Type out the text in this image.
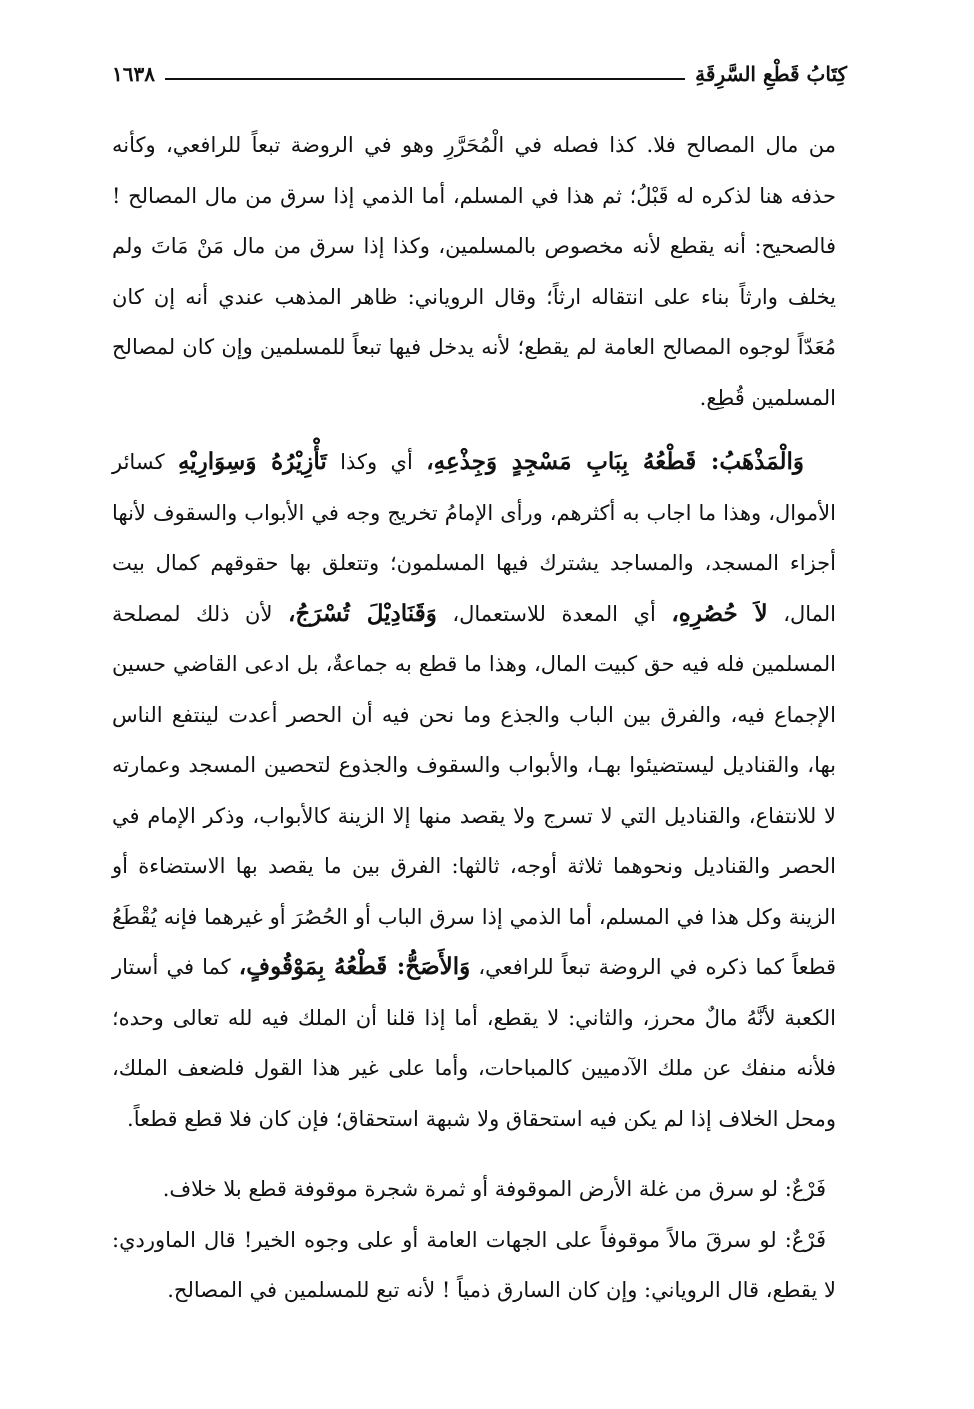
كِتَابُ قَطْعِ السَّرِقَةِ
١٦٣٨

من مال المصالح فلا. كذا فصله في الْمُحَرَّرِ وهو في الروضة تبعاً للرافعي، وكأنه حذفه هنا لذكره له قَبْلُ؛ ثم هذا في المسلم، أما الذمي إذا سرق من مال المصالح ! فالصحيح: أنه يقطع لأنه مخصوص بالمسلمين، وكذا إذا سرق من مال مَنْ مَاتَ ولم يخلف وارثاً بناء على انتقاله ارثاً؛ وقال الروياني: ظاهر المذهب عندي أنه إن كان مُعَدّاً لوجوه المصالح العامة لم يقطع؛ لأنه يدخل فيها تبعاً للمسلمين وإن كان لمصالح المسلمين قُطِع.

وَالْمَذْهَبُ: قَطْعُهُ بِبَابِ مَسْجِدٍ وَجِذْعِهِ، أي وكذا تَأْزِيْرُهُ وَسِوَارِيْهِ كسائر الأموال، وهذا ما اجاب به أكثرهم، ورأى الإمامُ تخريج وجه في الأبواب والسقوف لأنها أجزاء المسجد، والمساجد يشترك فيها المسلمون؛ وتتعلق بها حقوقهم كمال بيت المال، لاَ حُصُرِهِ، أي المعدة للاستعمال، وَقَنَادِيْلَ تُسْرَجُ، لأن ذلك لمصلحة المسلمين فله فيه حق كبيت المال، وهذا ما قطع به جماعةٌ، بل ادعى القاضي حسين الإجماع فيه، والفرق بين الباب والجذع وما نحن فيه أن الحصر أعدت لينتفع الناس بها، والقناديل ليستضيئوا بهـا، والأبواب والسقوف والجذوع لتحصين المسجد وعمارته لا للانتفاع، والقناديل التي لا تسرج ولا يقصد منها إلا الزينة كالأبواب، وذكر الإمام في الحصر والقناديل ونحوهما ثلاثة أوجه، ثالثها: الفرق بين ما يقصد بها الاستضاءة أو الزينة وكل هذا في المسلم، أما الذمي إذا سرق الباب أو الحُصُرَ أو غيرهما فإنه يُقْطَعُ قطعاً كما ذكره في الروضة تبعاً للرافعي، وَالأَصَحُّ: قَطْعُهُ بِمَوْقُوفٍ، كما في أستار الكعبة لأنَّهُ مالٌ محرز، والثاني: لا يقطع، أما إذا قلنا أن الملك فيه لله تعالى وحده؛ فلأنه منفك عن ملك الآدميين كالمباحات، وأما على غير هذا القول فلضعف الملك، ومحل الخلاف إذا لم يكن فيه استحقاق ولا شبهة استحقاق؛ فإن كان فلا قطع قطعاً.

فَرْعٌ: لو سرق من غلة الأرض الموقوفة أو ثمرة شجرة موقوفة قطع بلا خلاف.

فَرْعٌ: لو سرقَ مالاً موقوفاً على الجهات العامة أو على وجوه الخير! قال الماوردي: لا يقطع، قال الروياني: وإن كان السارق ذمياً ! لأنه تبع للمسلمين في المصالح.
